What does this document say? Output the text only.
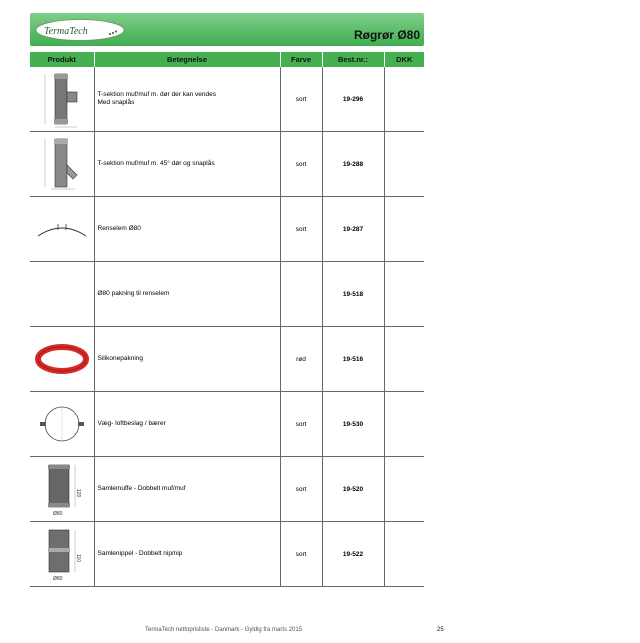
TermaTech	Røgrør Ø80
Produkt	Betegnelse	Farve	Best.nr.:	DKK

T-sektion muf/muf m. dør der kan vendes
Med snaplås	sort	19-296	

T-sektion muf/muf m. 45° dør og snaplås	sort	19-288	

Renselem Ø80	sort	19-287	

	Ø80 pakning til renselem		19-518	

Silikonepakning	rød	19-516	

Væg- loftbeslag / bærer	sort	19-530	

120
Ø80	Samlemuffe - Dobbelt muf/muf	sort	19-520	

110
Ø80	Samlenippel - Dobbelt nip/nip	sort	19-522	
TermaTech nettoprisliste - Danmark - Gyldig fra marts 2015	25
